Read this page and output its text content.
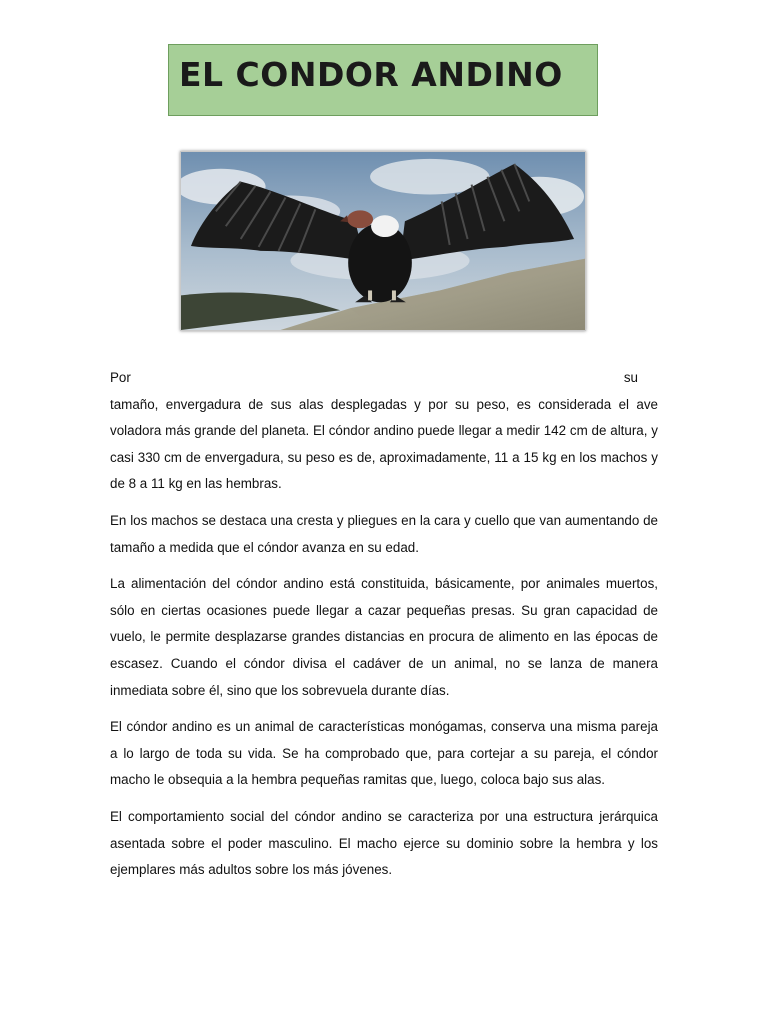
EL CONDOR ANDINO

Por	su
tamaño, envergadura de sus alas desplegadas y por su peso, es considerada el ave voladora más grande del planeta. El cóndor andino puede llegar a medir 142 cm de altura, y casi 330 cm de envergadura, su peso es de, aproximadamente, 11 a 15 kg en los machos y de 8 a 11 kg en las hembras.

En los machos se destaca una cresta y pliegues en la cara y cuello que van aumentando de tamaño a medida que el cóndor avanza en su edad.

La alimentación del cóndor andino está constituida, básicamente, por animales muertos, sólo en ciertas ocasiones puede llegar a cazar pequeñas presas. Su gran capacidad de vuelo, le permite desplazarse grandes distancias en procura de alimento en las épocas de escasez. Cuando el cóndor divisa el cadáver de un animal, no se lanza de manera inmediata sobre él, sino que los sobrevuela durante días.

El cóndor andino es un animal de características monógamas, conserva una misma pareja a lo largo de toda su vida. Se ha comprobado que, para cortejar a su pareja, el cóndor macho le obsequia a la hembra pequeñas ramitas que, luego, coloca bajo sus alas.

El comportamiento social del cóndor andino se caracteriza por una estructura jerárquica asentada sobre el poder masculino. El macho ejerce su dominio sobre la hembra y los ejemplares más adultos sobre los más jóvenes.
